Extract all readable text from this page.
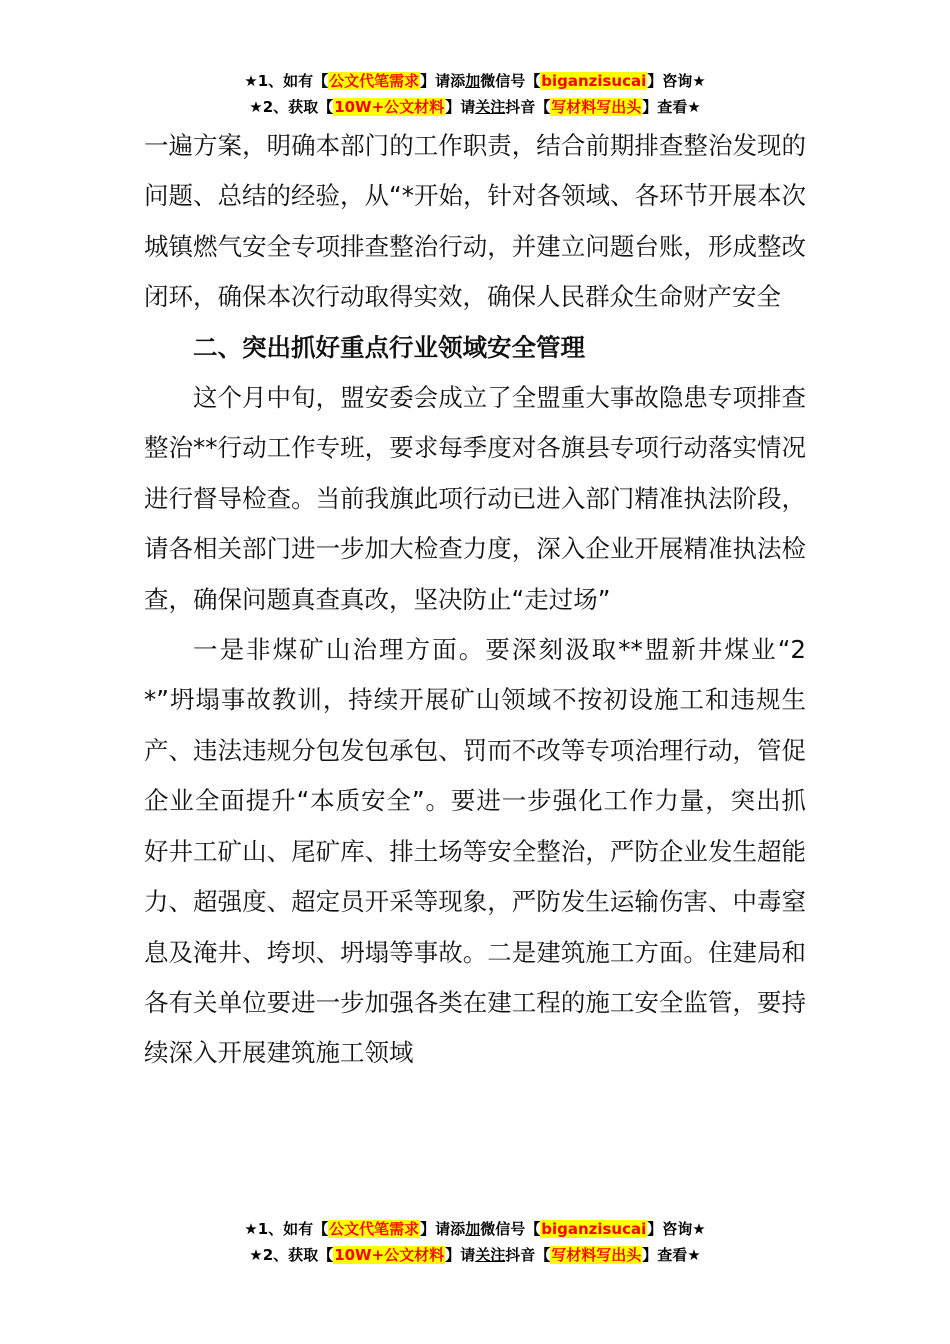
★1、如有【公文代笔需求】请添加微信号【biganzisucai】咨询★
★2、获取【10W+公文材料】请关注抖音【写材料写出头】查看★

一遍方案，明确本部门的工作职责，结合前期排查整治发现的问题、总结的经验，从“*开始，针对各领域、各环节开展本次城镇燃气安全专项排查整治行动，并建立问题台账，形成整改闭环，确保本次行动取得实效，确保人民群众生命财产安全

二、突出抓好重点行业领域安全管理

这个月中旬，盟安委会成立了全盟重大事故隐患专项排查整治**行动工作专班，要求每季度对各旗县专项行动落实情况进行督导检查。当前我旗此项行动已进入部门精准执法阶段，请各相关部门进一步加大检查力度，深入企业开展精准执法检查，确保问题真查真改，坚决防止“走过场”

一是非煤矿山治理方面。要深刻汲取**盟新井煤业“2*”坍塌事故教训，持续开展矿山领域不按初设施工和违规生产、违法违规分包发包承包、罚而不改等专项治理行动，管促企业全面提升“本质安全”。要进一步强化工作力量，突出抓好井工矿山、尾矿库、排土场等安全整治，严防企业发生超能力、超强度、超定员开采等现象，严防发生运输伤害、中毒窒息及淹井、垮坝、坍塌等事故。二是建筑施工方面。住建局和各有关单位要进一步加强各类在建工程的施工安全监管，要持续深入开展建筑施工领域

★1、如有【公文代笔需求】请添加微信号【biganzisucai】咨询★
★2、获取【10W+公文材料】请关注抖音【写材料写出头】查看★
